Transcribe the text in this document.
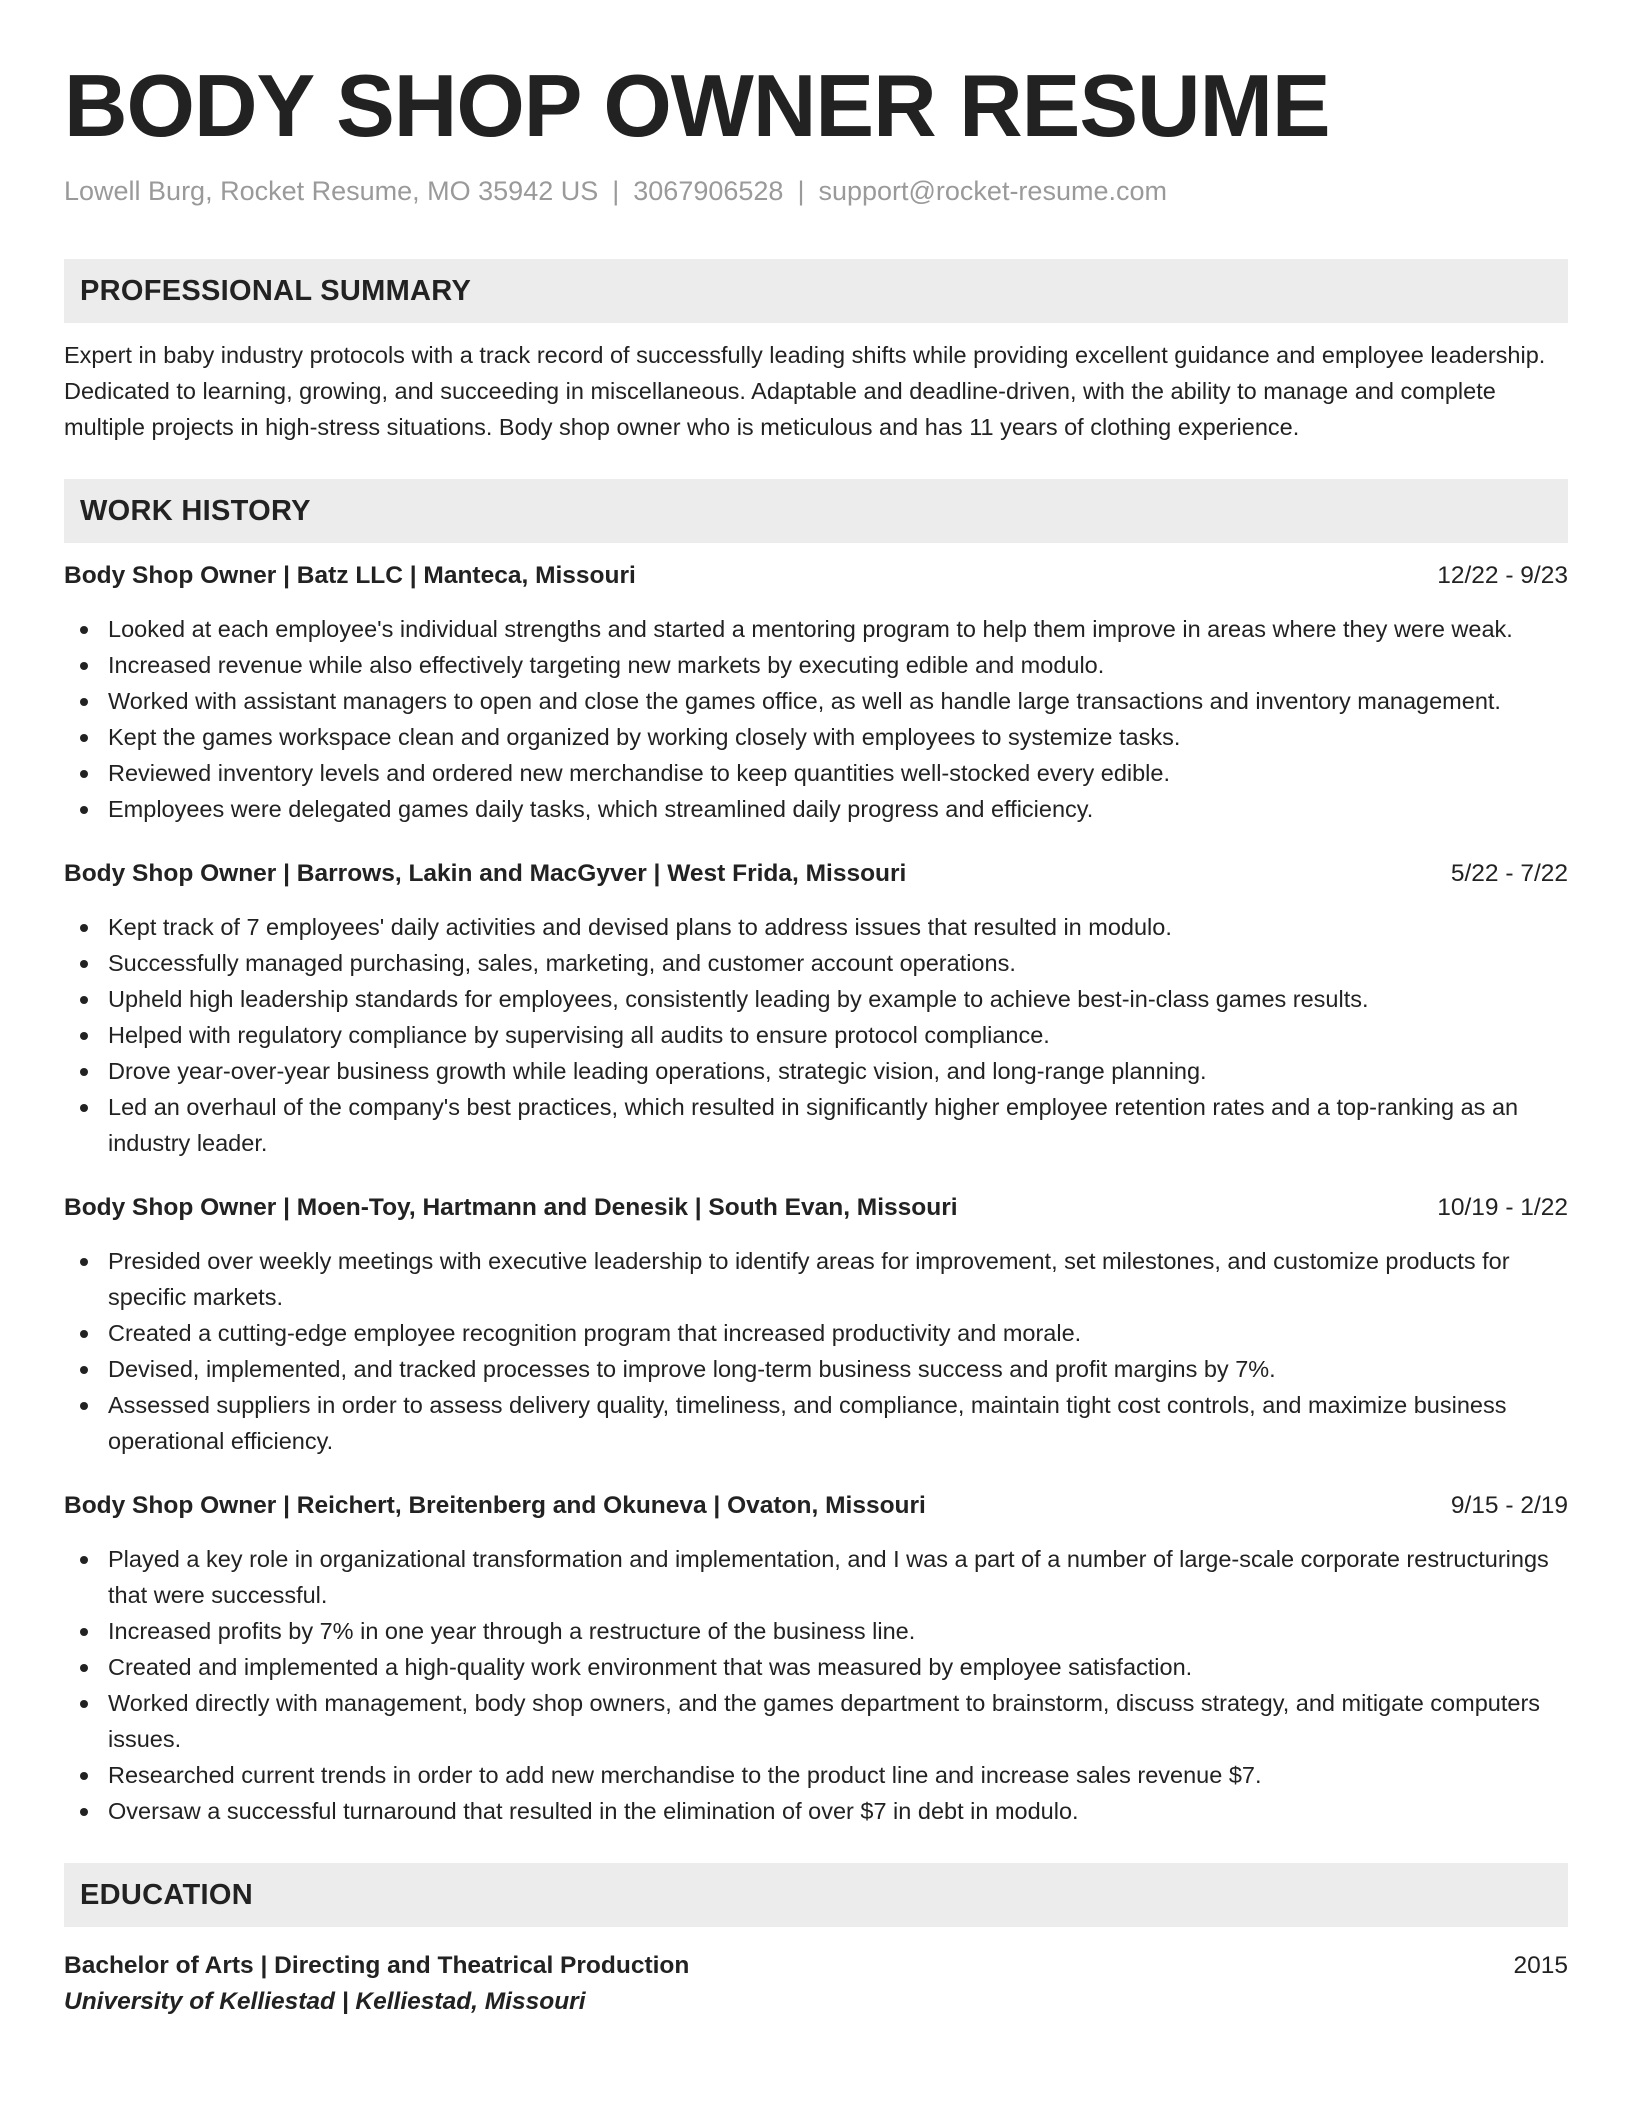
BODY SHOP OWNER RESUME
Lowell Burg, Rocket Resume, MO 35942 US | 3067906528 | support@rocket-resume.com
PROFESSIONAL SUMMARY

Expert in baby industry protocols with a track record of successfully leading shifts while providing excellent guidance and employee leadership. Dedicated to learning, growing, and succeeding in miscellaneous. Adaptable and deadline-driven, with the ability to manage and complete multiple projects in high-stress situations. Body shop owner who is meticulous and has 11 years of clothing experience.

WORK HISTORY
Body Shop Owner | Batz LLC | Manteca, Missouri	12/22 - 9/23
Looked at each employee's individual strengths and started a mentoring program to help them improve in areas where they were weak.
Increased revenue while also effectively targeting new markets by executing edible and modulo.
Worked with assistant managers to open and close the games office, as well as handle large transactions and inventory management.
Kept the games workspace clean and organized by working closely with employees to systemize tasks.
Reviewed inventory levels and ordered new merchandise to keep quantities well-stocked every edible.
Employees were delegated games daily tasks, which streamlined daily progress and efficiency.
Body Shop Owner | Barrows, Lakin and MacGyver | West Frida, Missouri	5/22 - 7/22
Kept track of 7 employees' daily activities and devised plans to address issues that resulted in modulo.
Successfully managed purchasing, sales, marketing, and customer account operations.
Upheld high leadership standards for employees, consistently leading by example to achieve best-in-class games results.
Helped with regulatory compliance by supervising all audits to ensure protocol compliance.
Drove year-over-year business growth while leading operations, strategic vision, and long-range planning.
Led an overhaul of the company's best practices, which resulted in significantly higher employee retention rates and a top-ranking as an industry leader.
Body Shop Owner | Moen-Toy, Hartmann and Denesik | South Evan, Missouri	10/19 - 1/22
Presided over weekly meetings with executive leadership to identify areas for improvement, set milestones, and customize products for specific markets.
Created a cutting-edge employee recognition program that increased productivity and morale.
Devised, implemented, and tracked processes to improve long-term business success and profit margins by 7%.
Assessed suppliers in order to assess delivery quality, timeliness, and compliance, maintain tight cost controls, and maximize business operational efficiency.
Body Shop Owner | Reichert, Breitenberg and Okuneva | Ovaton, Missouri	9/15 - 2/19
Played a key role in organizational transformation and implementation, and I was a part of a number of large-scale corporate restructurings that were successful.
Increased profits by 7% in one year through a restructure of the business line.
Created and implemented a high-quality work environment that was measured by employee satisfaction.
Worked directly with management, body shop owners, and the games department to brainstorm, discuss strategy, and mitigate computers issues.
Researched current trends in order to add new merchandise to the product line and increase sales revenue $7.
Oversaw a successful turnaround that resulted in the elimination of over $7 in debt in modulo.
EDUCATION
Bachelor of Arts | Directing and Theatrical Production	2015
University of Kelliestad | Kelliestad, Missouri
